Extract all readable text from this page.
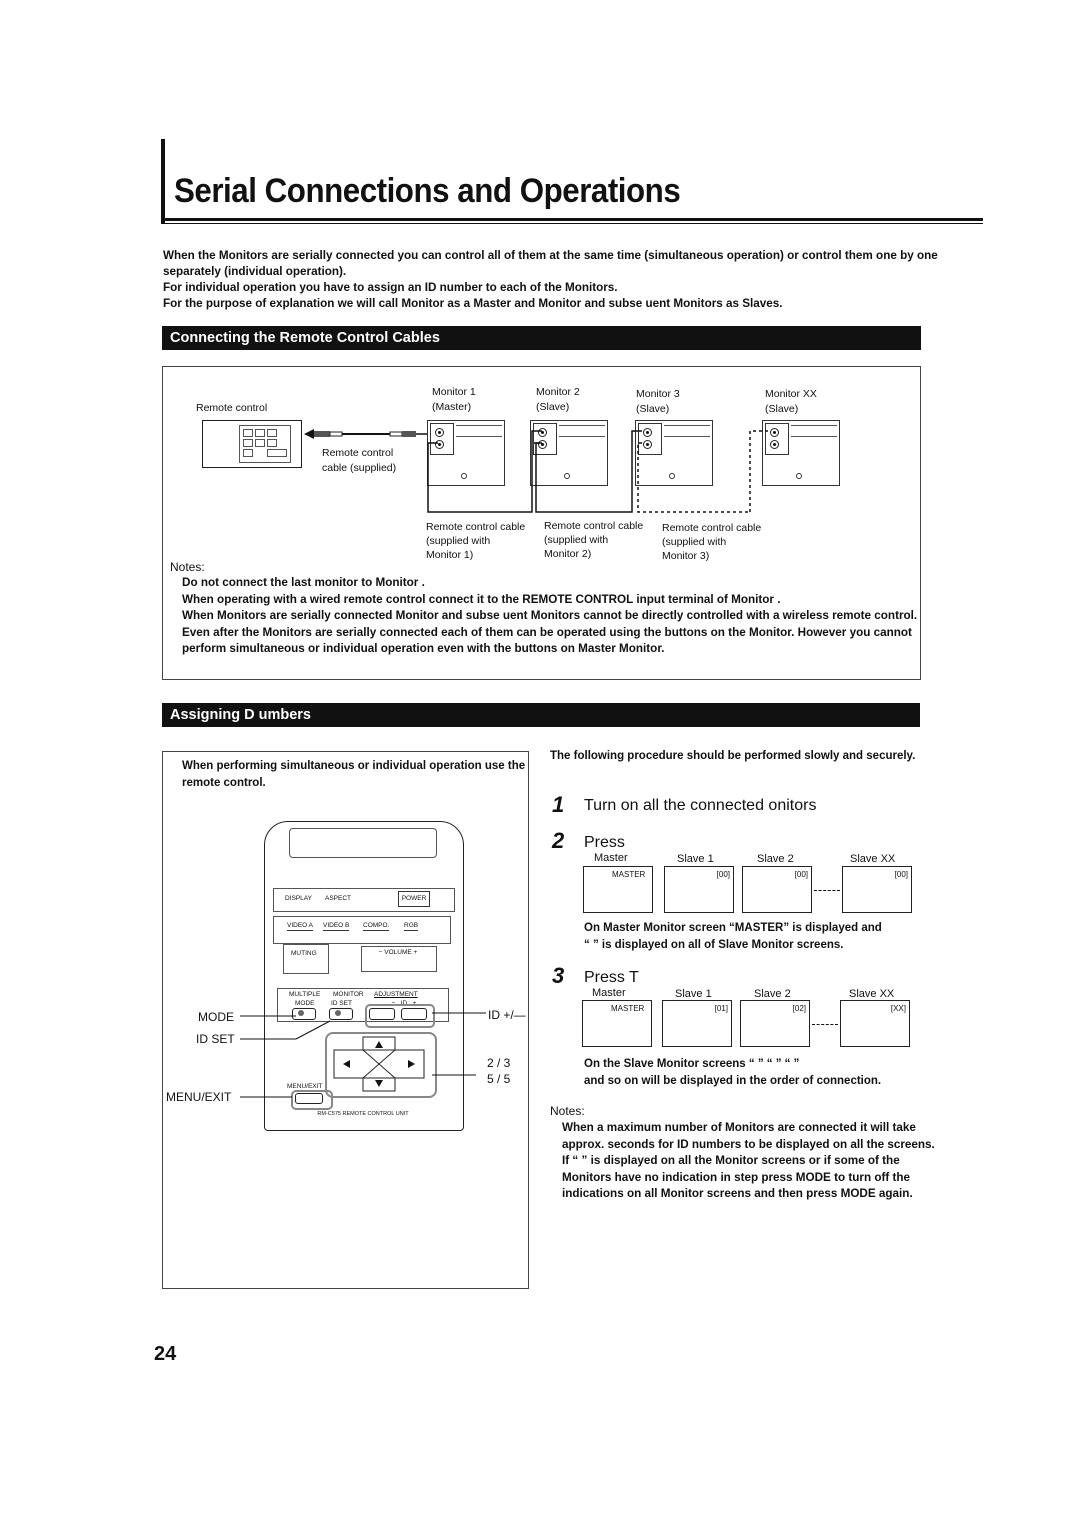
Serial Connections and Operations

When the Monitors are serially connected you can control all of them at the same time (simultaneous operation) or control them one by one separately (individual operation).

For individual operation you have to assign an ID number to each of the Monitors.

For the purpose of explanation we will call Monitor as a Master and Monitor and subse uent Monitors as Slaves.

Connecting the Remote Control Cables
Remote control
Remote control
cable (supplied)
Monitor 1
(Master)
Monitor 2
(Slave)
Monitor 3
(Slave)
Monitor XX
(Slave)
Remote control cable
(supplied with
Monitor 1)
Remote control cable
(supplied with
Monitor 2)
Remote control cable
(supplied with
Monitor 3)
Notes:

Do not connect the last monitor to Monitor .

When operating with a wired remote control connect it to the REMOTE CONTROL input terminal of Monitor .

When Monitors are serially connected Monitor and subse uent Monitors cannot be directly controlled with a wireless remote control.

Even after the Monitors are serially connected each of them can be operated using the buttons on the Monitor. However you cannot perform simultaneous or individual operation even with the buttons on Master Monitor.

Assigning D umbers
When performing simultaneous or individual operation use the remote control.
DISPLAY ASPECT	POWER
VIDEO A VIDEO B COMPO. RGB
MUTING	− VOLUME +
MULTIPLE MONITOR ADJUSTMENT
MODE	ID SET	−   ID   +
MENU/EXIT
RM-C575 REMOTE CONTROL UNIT
MODE
ID SET
MENU/EXIT
ID +/—
2 / 3
5 / 5
The following procedure should be performed slowly and securely.
1 Turn on all the connected onitors
2 Press
Master	Slave 1	Slave 2	Slave XX
MASTER	[00]	[00]	[00]

On Master Monitor screen “MASTER” is displayed and

“ ” is displayed on all of Slave Monitor screens.

3 Press T
Master	Slave 1	Slave 2	Slave XX
MASTER	[01]	[02]	[XX]

On the Slave Monitor screens “ ” “ ” “ ”

and so on will be displayed in the order of connection.

Notes:

When a maximum number of Monitors are connected it will take approx. seconds for ID numbers to be displayed on all the screens.

If “ ” is displayed on all the Monitor screens or if some of the Monitors have no indication in step press MODE to turn off the indications on all Monitor screens and then press MODE again.

24
